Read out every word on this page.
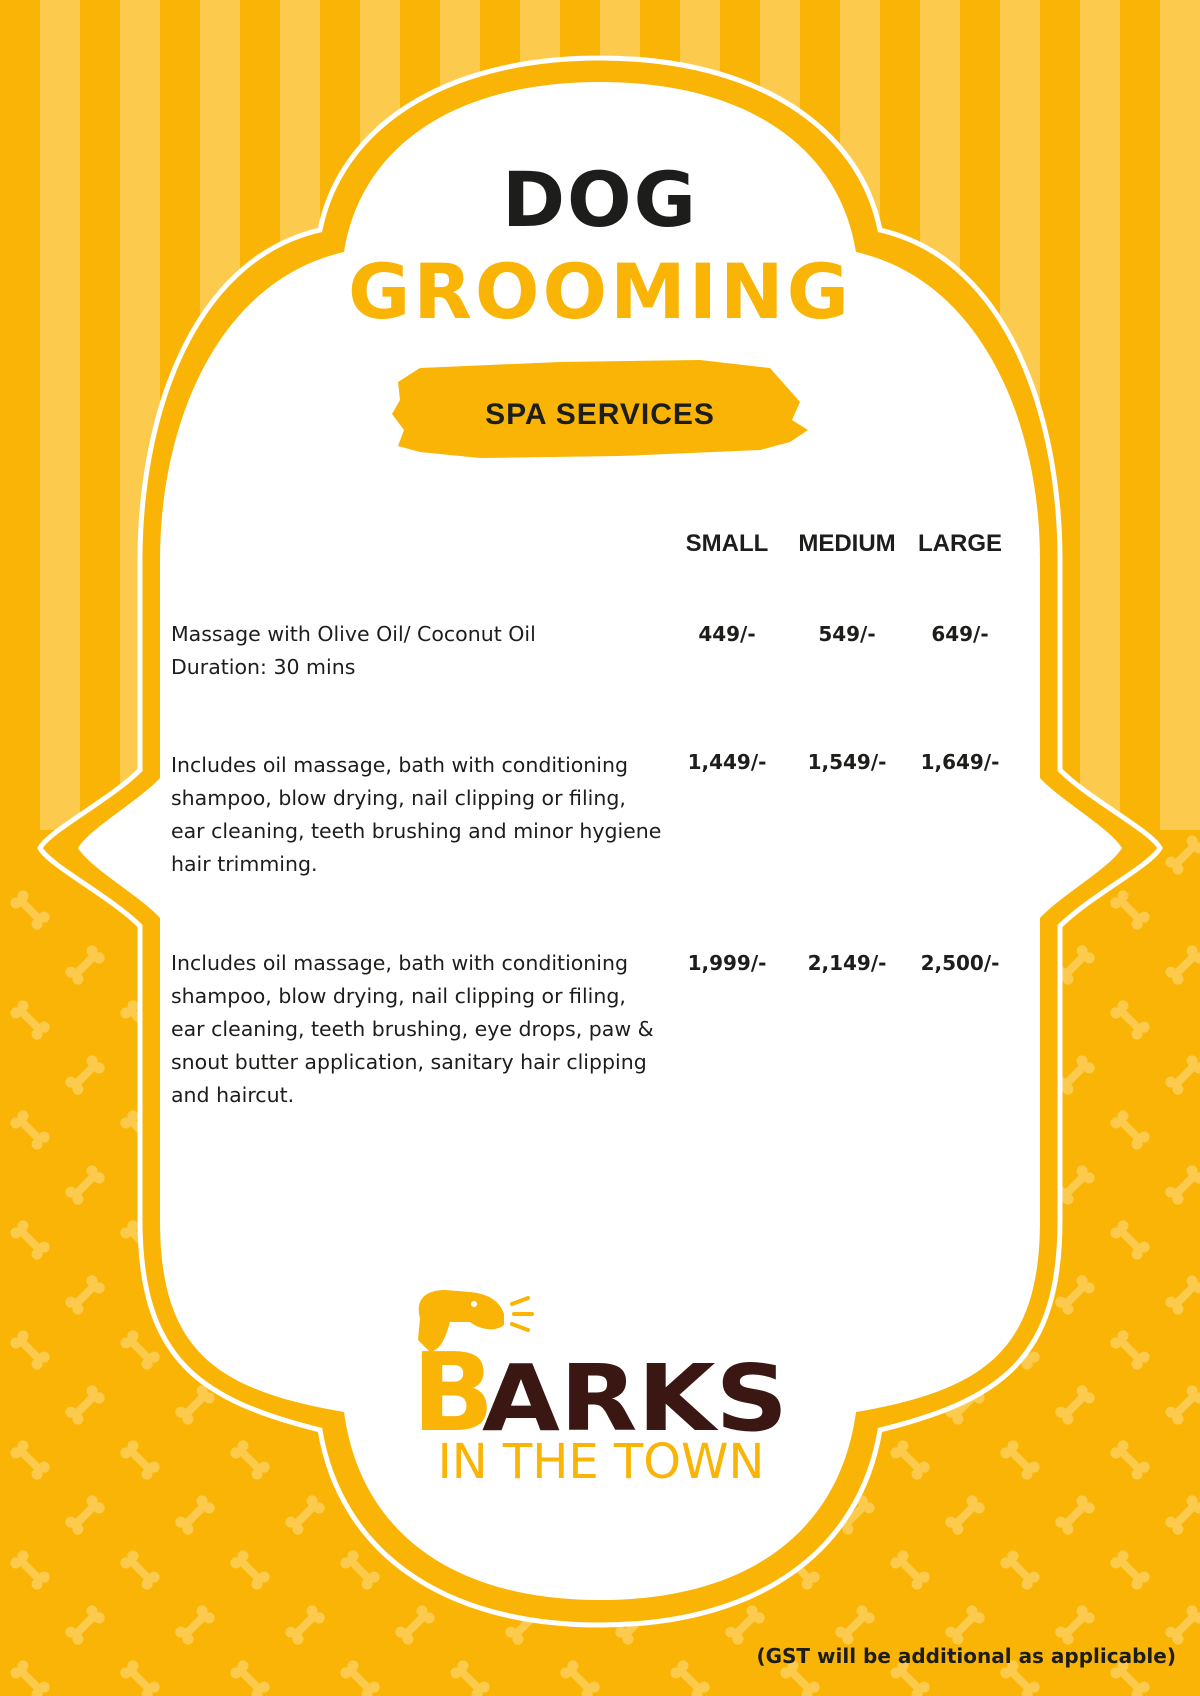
DOG
GROOMING
SPA SERVICES
SMALL	MEDIUM LARGE
Massage with Olive Oil/ Coconut Oil
Duration: 30 mins
449/-	549/-	649/-
Includes oil massage, bath with conditioning
shampoo, blow drying, nail clipping or filing,
ear cleaning, teeth brushing and minor hygiene
hair trimming.
1,449/-	1,549/-	1,649/-
Includes oil massage, bath with conditioning
shampoo, blow drying, nail clipping or filing,
ear cleaning, teeth brushing, eye drops, paw &
snout butter application, sanitary hair clipping
and haircut.
1,999/-	2,149/-	2,500/-
B
ARKS
IN THE TOWN
(GST will be additional as applicable)
